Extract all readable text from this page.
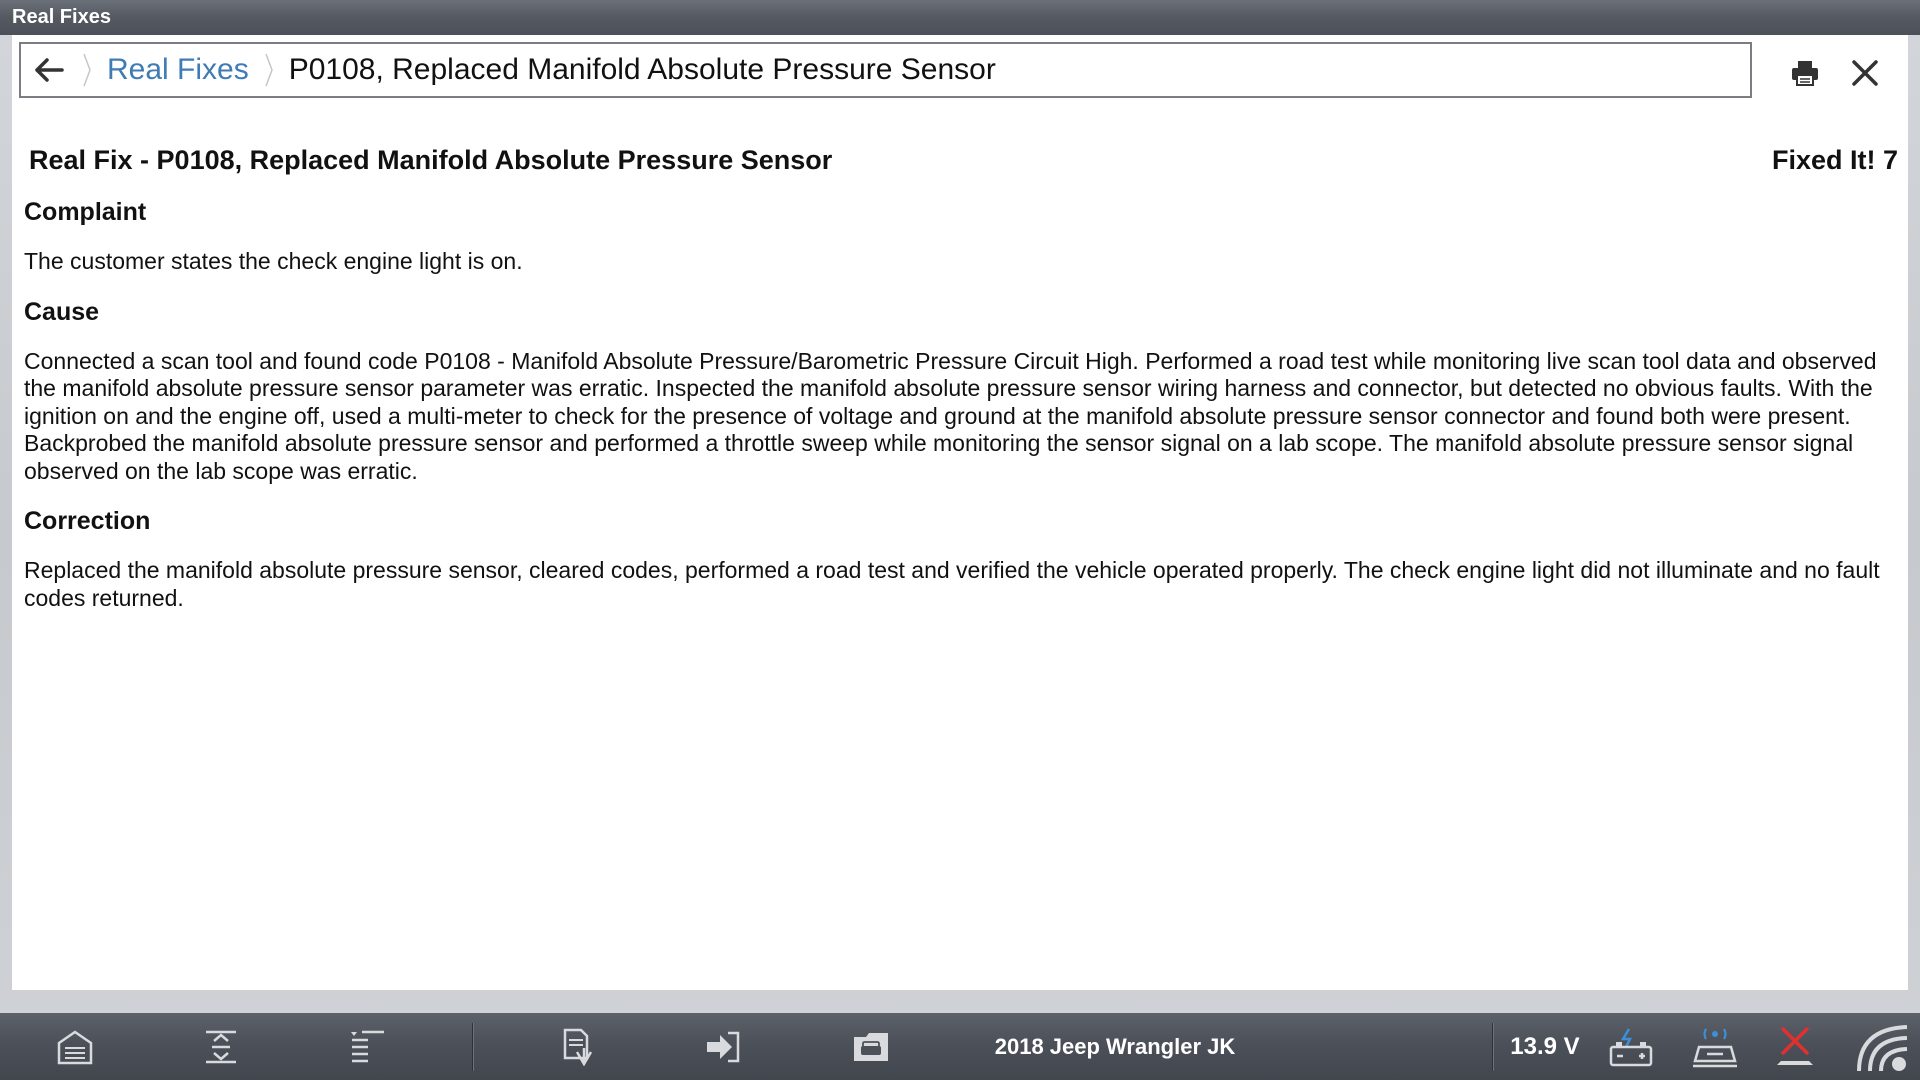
Real Fixes
Real Fixes	P0108, Replaced Manifold Absolute Pressure Sensor
Real Fix - P0108, Replaced Manifold Absolute Pressure Sensor	Fixed It! 7
Complaint
The customer states the check engine light is on.
Cause
Connected a scan tool and found code P0108 - Manifold Absolute Pressure/Barometric Pressure Circuit High. Performed a road test while monitoring live scan tool data and observed the manifold absolute pressure sensor parameter was erratic. Inspected the manifold absolute pressure sensor wiring harness and connector, but detected no obvious faults. With the ignition on and the engine off, used a multi-meter to check for the presence of voltage and ground at the manifold absolute pressure sensor connector and found both were present. Backprobed the manifold absolute pressure sensor and performed a throttle sweep while monitoring the sensor signal on a lab scope. The manifold absolute pressure sensor signal observed on the lab scope was erratic.
Correction
Replaced the manifold absolute pressure sensor, cleared codes, performed a road test and verified the vehicle operated properly. The check engine light did not illuminate and no fault codes returned.
2018 Jeep Wrangler JK	13.9 V
